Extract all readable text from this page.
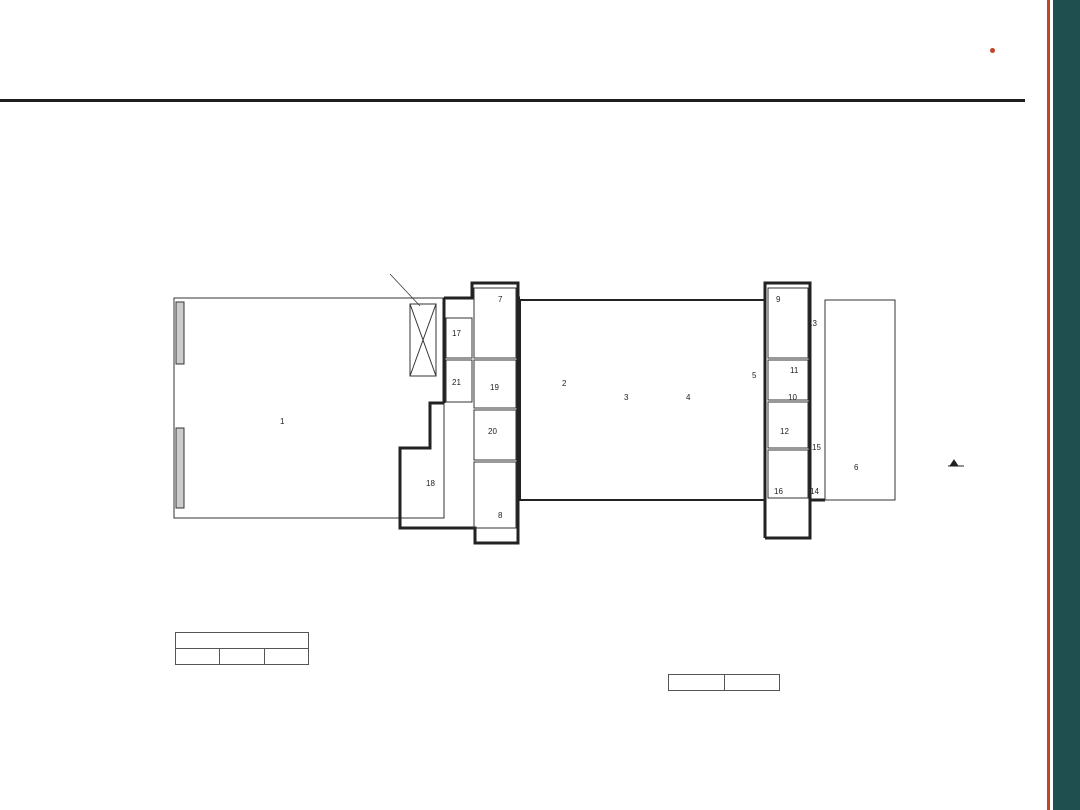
1
17
21
7
19
20
18
8
2
3	4
5
9
13
11
10
12
15
16	14
6
